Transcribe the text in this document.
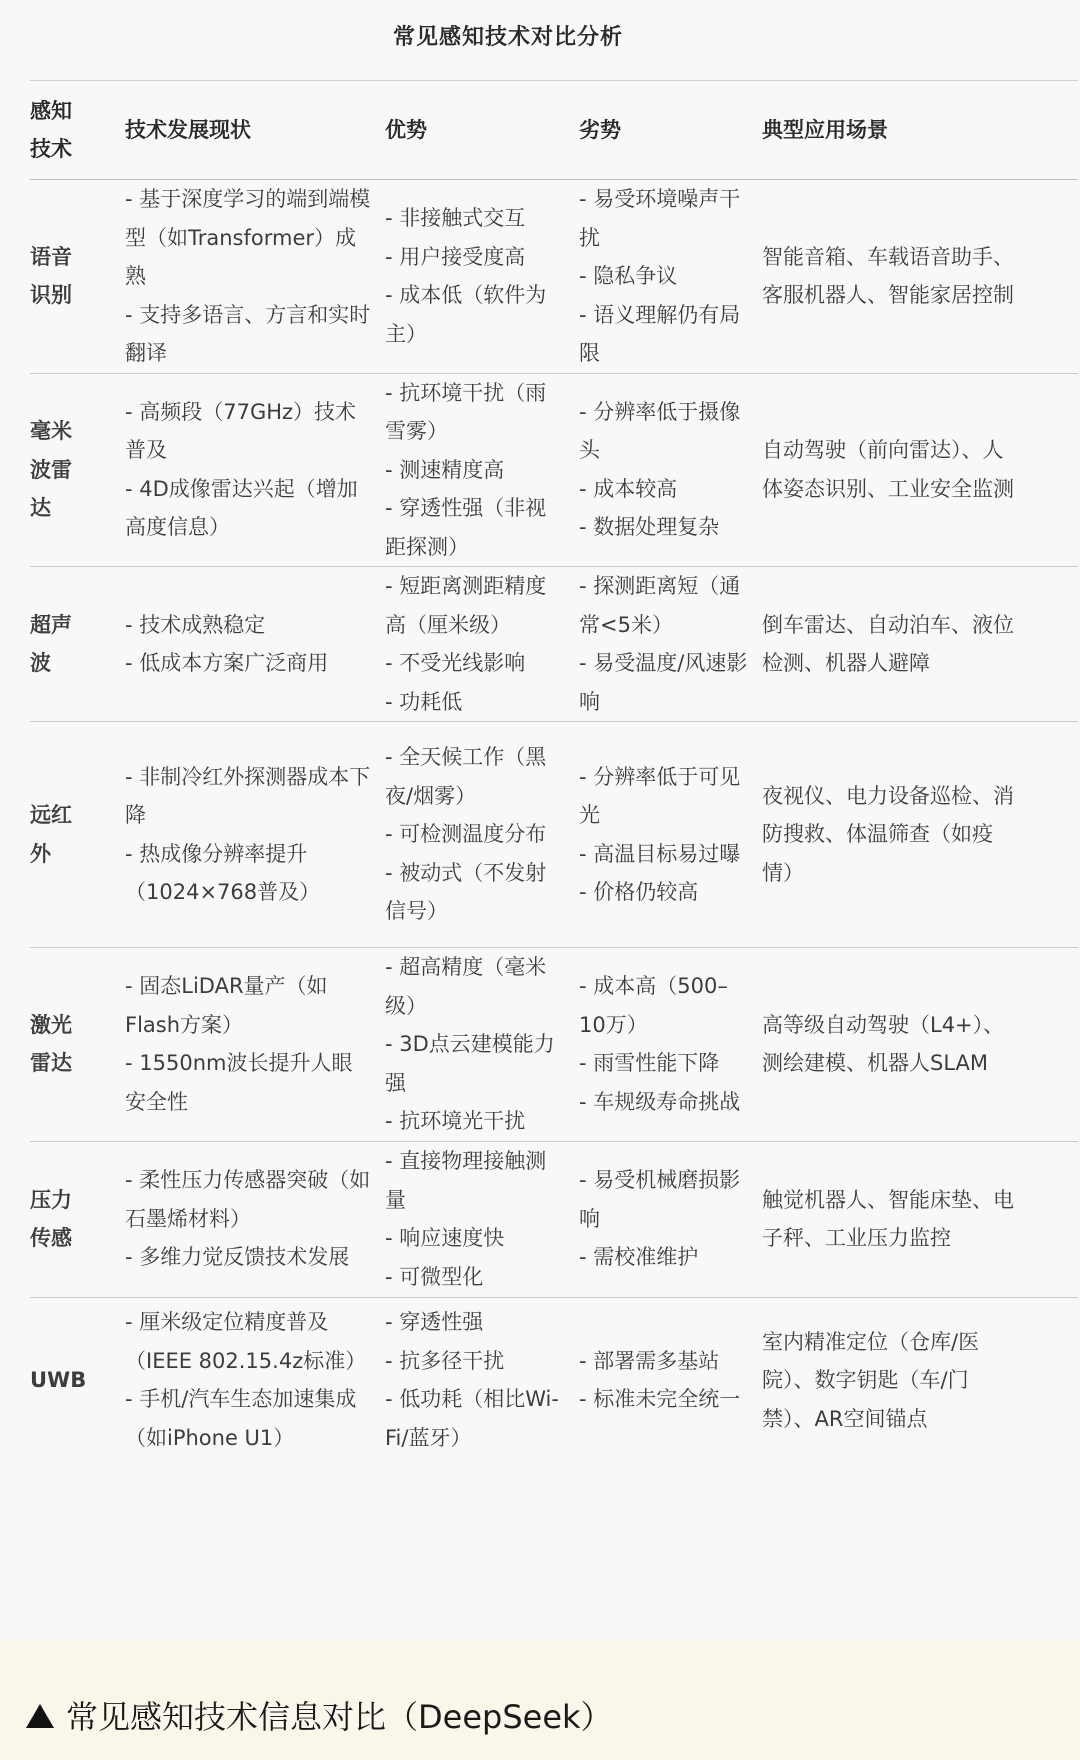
常见感知技术对比分析
感知技术	技术发展现状	优势	劣势	典型应用场景

语音
识别	- 基于深度学习的端到端模型（如Transformer）成熟
- 支持多语言、方言和实时翻译	- 非接触式交互
- 用户接受度高
- 成本低（软件为主）	- 易受环境噪声干扰
- 隐私争议
- 语义理解仍有局限	智能音箱、车载语音助手、客服机器人、智能家居控制

毫米
波雷
达	- 高频段（77GHz）技术普及
- 4D成像雷达兴起（增加高度信息）	- 抗环境干扰（雨雪雾）
- 测速精度高
- 穿透性强（非视距探测）	- 分辨率低于摄像头
- 成本较高
- 数据处理复杂	自动驾驶（前向雷达）、人体姿态识别、工业安全监测

超声
波	- 技术成熟稳定
- 低成本方案广泛商用	- 短距离测距精度高（厘米级）
- 不受光线影响
- 功耗低	- 探测距离短（通常<5米）
- 易受温度/风速影响	倒车雷达、自动泊车、液位检测、机器人避障

远红
外	- 非制冷红外探测器成本下降
- 热成像分辨率提升（1024×768普及）	- 全天候工作（黑夜/烟雾）
- 可检测温度分布
- 被动式（不发射信号）	- 分辨率低于可见光
- 高温目标易过曝
- 价格仍较高	夜视仪、电力设备巡检、消防搜救、体温筛查（如疫情）

激光
雷达	- 固态LiDAR量产（如Flash方案）
- 1550nm波长提升人眼安全性	- 超高精度（毫米级）
- 3D点云建模能力强
- 抗环境光干扰	- 成本高（500–10万）
- 雨雪性能下降
- 车规级寿命挑战	高等级自动驾驶（L4+）、测绘建模、机器人SLAM

压力
传感	- 柔性压力传感器突破（如石墨烯材料）
- 多维力觉反馈技术发展	- 直接物理接触测量
- 响应速度快
- 可微型化	- 易受机械磨损影响
- 需校准维护	触觉机器人、智能床垫、电子秤、工业压力监控

UWB	- 厘米级定位精度普及（IEEE 802.15.4z标准）
- 手机/汽车生态加速集成（如iPhone U1）	- 穿透性强
- 抗多径干扰
- 低功耗（相比Wi-Fi/蓝牙）	- 部署需多基站
- 标准未完全统一	室内精准定位（仓库/医院）、数字钥匙（车/门禁）、AR空间锚点
常见感知技术信息对比（DeepSeek）
